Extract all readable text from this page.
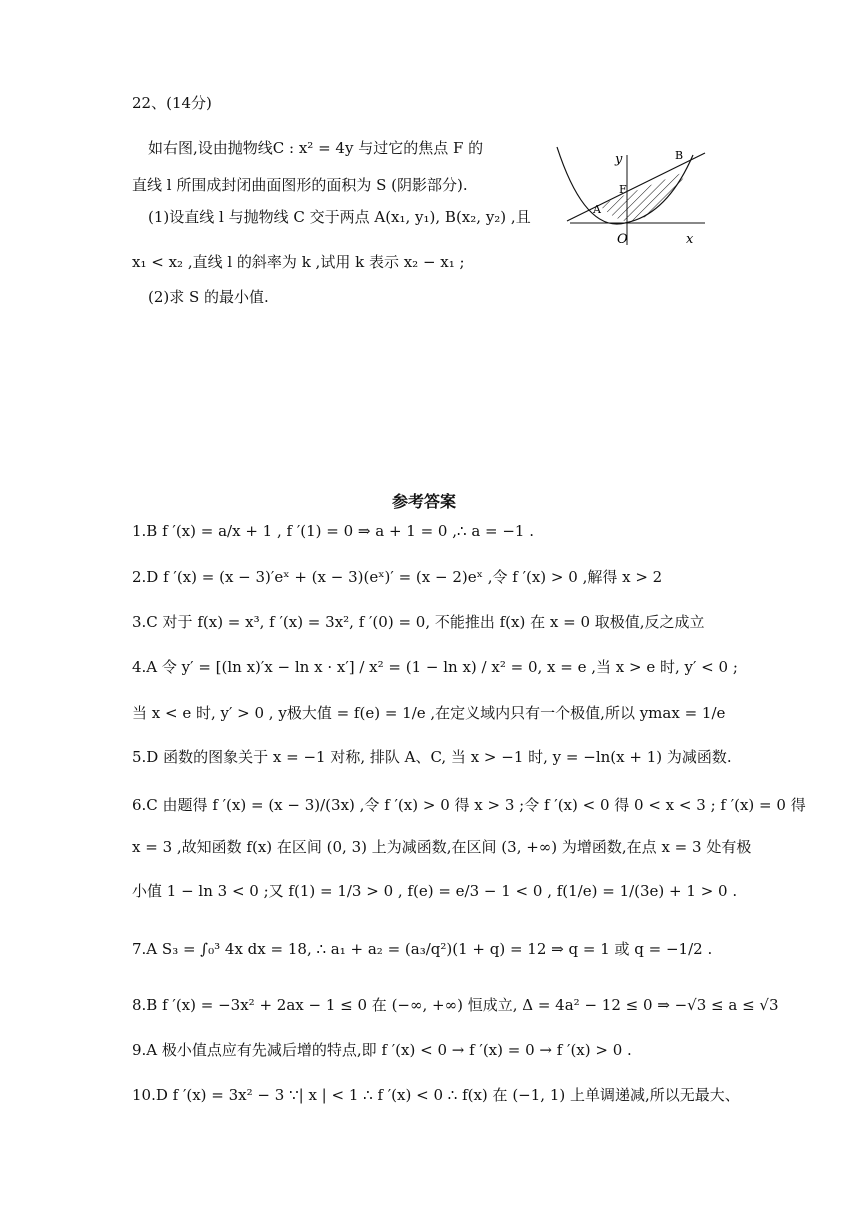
22、(14分)
如右图,设由抛物线C : x² = 4y 与过它的焦点 F 的
直线 l 所围成封闭曲面图形的面积为 S (阴影部分).
(1)设直线 l 与抛物线 C 交于两点 A(x₁, y₁), B(x₂, y₂) ,且
x₁ < x₂ ,直线 l 的斜率为 k ,试用 k 表示 x₂ − x₁ ;
(2)求 S 的最小值.
y
x
O
F
A
B
参考答案
1.B f ′(x) = a/x + 1 , f ′(1) = 0 ⇒ a + 1 = 0 ,∴ a = −1 .
2.D f ′(x) = (x − 3)′eˣ + (x − 3)(eˣ)′ = (x − 2)eˣ ,令 f ′(x) > 0 ,解得 x > 2
3.C 对于 f(x) = x³, f ′(x) = 3x², f ′(0) = 0, 不能推出 f(x) 在 x = 0 取极值,反之成立
4.A 令 y′ = [(ln x)′x − ln x · x′] / x² = (1 − ln x) / x² = 0, x = e ,当 x > e 时, y′ < 0 ;
当 x < e 时, y′ > 0 , y极大值 = f(e) = 1/e ,在定义域内只有一个极值,所以 ymax = 1/e
5.D 函数的图象关于 x = −1 对称, 排队 A、C, 当 x > −1 时, y = −ln(x + 1) 为减函数.
6.C 由题得 f ′(x) = (x − 3)/(3x) ,令 f ′(x) > 0 得 x > 3 ;令 f ′(x) < 0 得 0 < x < 3 ; f ′(x) = 0 得
x = 3 ,故知函数 f(x) 在区间 (0, 3) 上为减函数,在区间 (3, +∞) 为增函数,在点 x = 3 处有极
小值 1 − ln 3 < 0 ;又 f(1) = 1/3 > 0 , f(e) = e/3 − 1 < 0 , f(1/e) = 1/(3e) + 1 > 0 .
7.A S₃ = ∫₀³ 4x dx = 18, ∴ a₁ + a₂ = (a₃/q²)(1 + q) = 12 ⇒ q = 1 或 q = −1/2 .
8.B f ′(x) = −3x² + 2ax − 1 ≤ 0 在 (−∞, +∞) 恒成立, Δ = 4a² − 12 ≤ 0 ⇒ −√3 ≤ a ≤ √3
9.A 极小值点应有先减后增的特点,即 f ′(x) < 0 → f ′(x) = 0 → f ′(x) > 0 .
10.D f ′(x) = 3x² − 3 ∵| x | < 1 ∴ f ′(x) < 0 ∴ f(x) 在 (−1, 1) 上单调递减,所以无最大、
